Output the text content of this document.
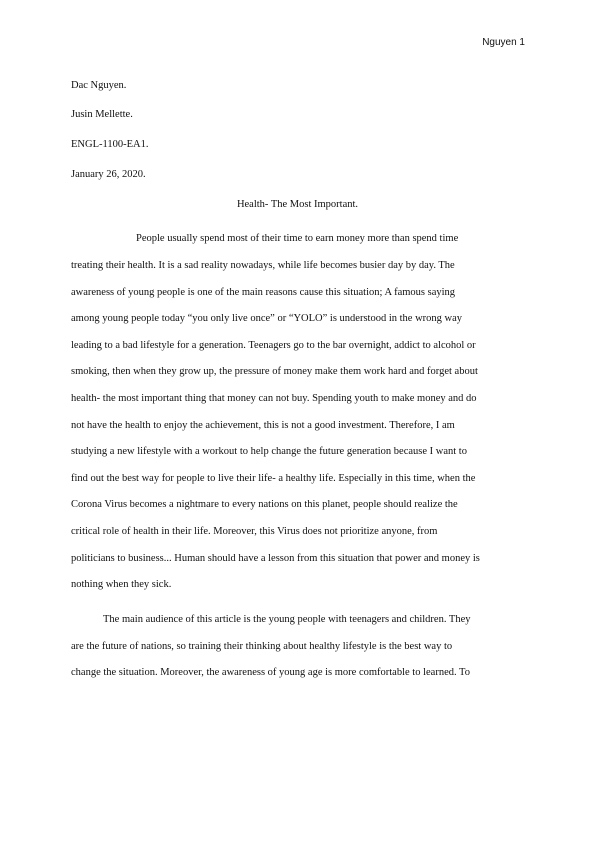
Nguyen 1
Dac Nguyen.
Jusin Mellette.
ENGL-1100-EA1.
January 26, 2020.
Health- The Most Important.
People usually spend most of their time to earn money more than spend time
treating their health. It is a sad reality nowadays, while life becomes busier day by day. The
awareness of young people is one of the main reasons cause this situation; A famous saying
among young people today “you only live once” or “YOLO” is understood in the wrong way
leading to a bad lifestyle for a generation. Teenagers go to the bar overnight, addict to alcohol or
smoking, then when they grow up, the pressure of money make them work hard and forget about
health- the most important thing that money can not buy. Spending youth to make money and do
not have the health to enjoy the achievement, this is not a good investment. Therefore, I am
studying a new lifestyle with a workout to help change the future generation because I want to
find out the best way for people to live their life- a healthy life. Especially in this time, when the
Corona Virus becomes a nightmare to every nations on this planet, people should realize the
critical role of health in their life. Moreover, this Virus does not prioritize anyone, from
politicians to business... Human should have a lesson from this situation that power and money is
nothing when they sick.
The main audience of this article is the young people with teenagers and children. They
are the future of nations, so training their thinking about healthy lifestyle is the best way to
change the situation. Moreover, the awareness of young age is more comfortable to learned. To
